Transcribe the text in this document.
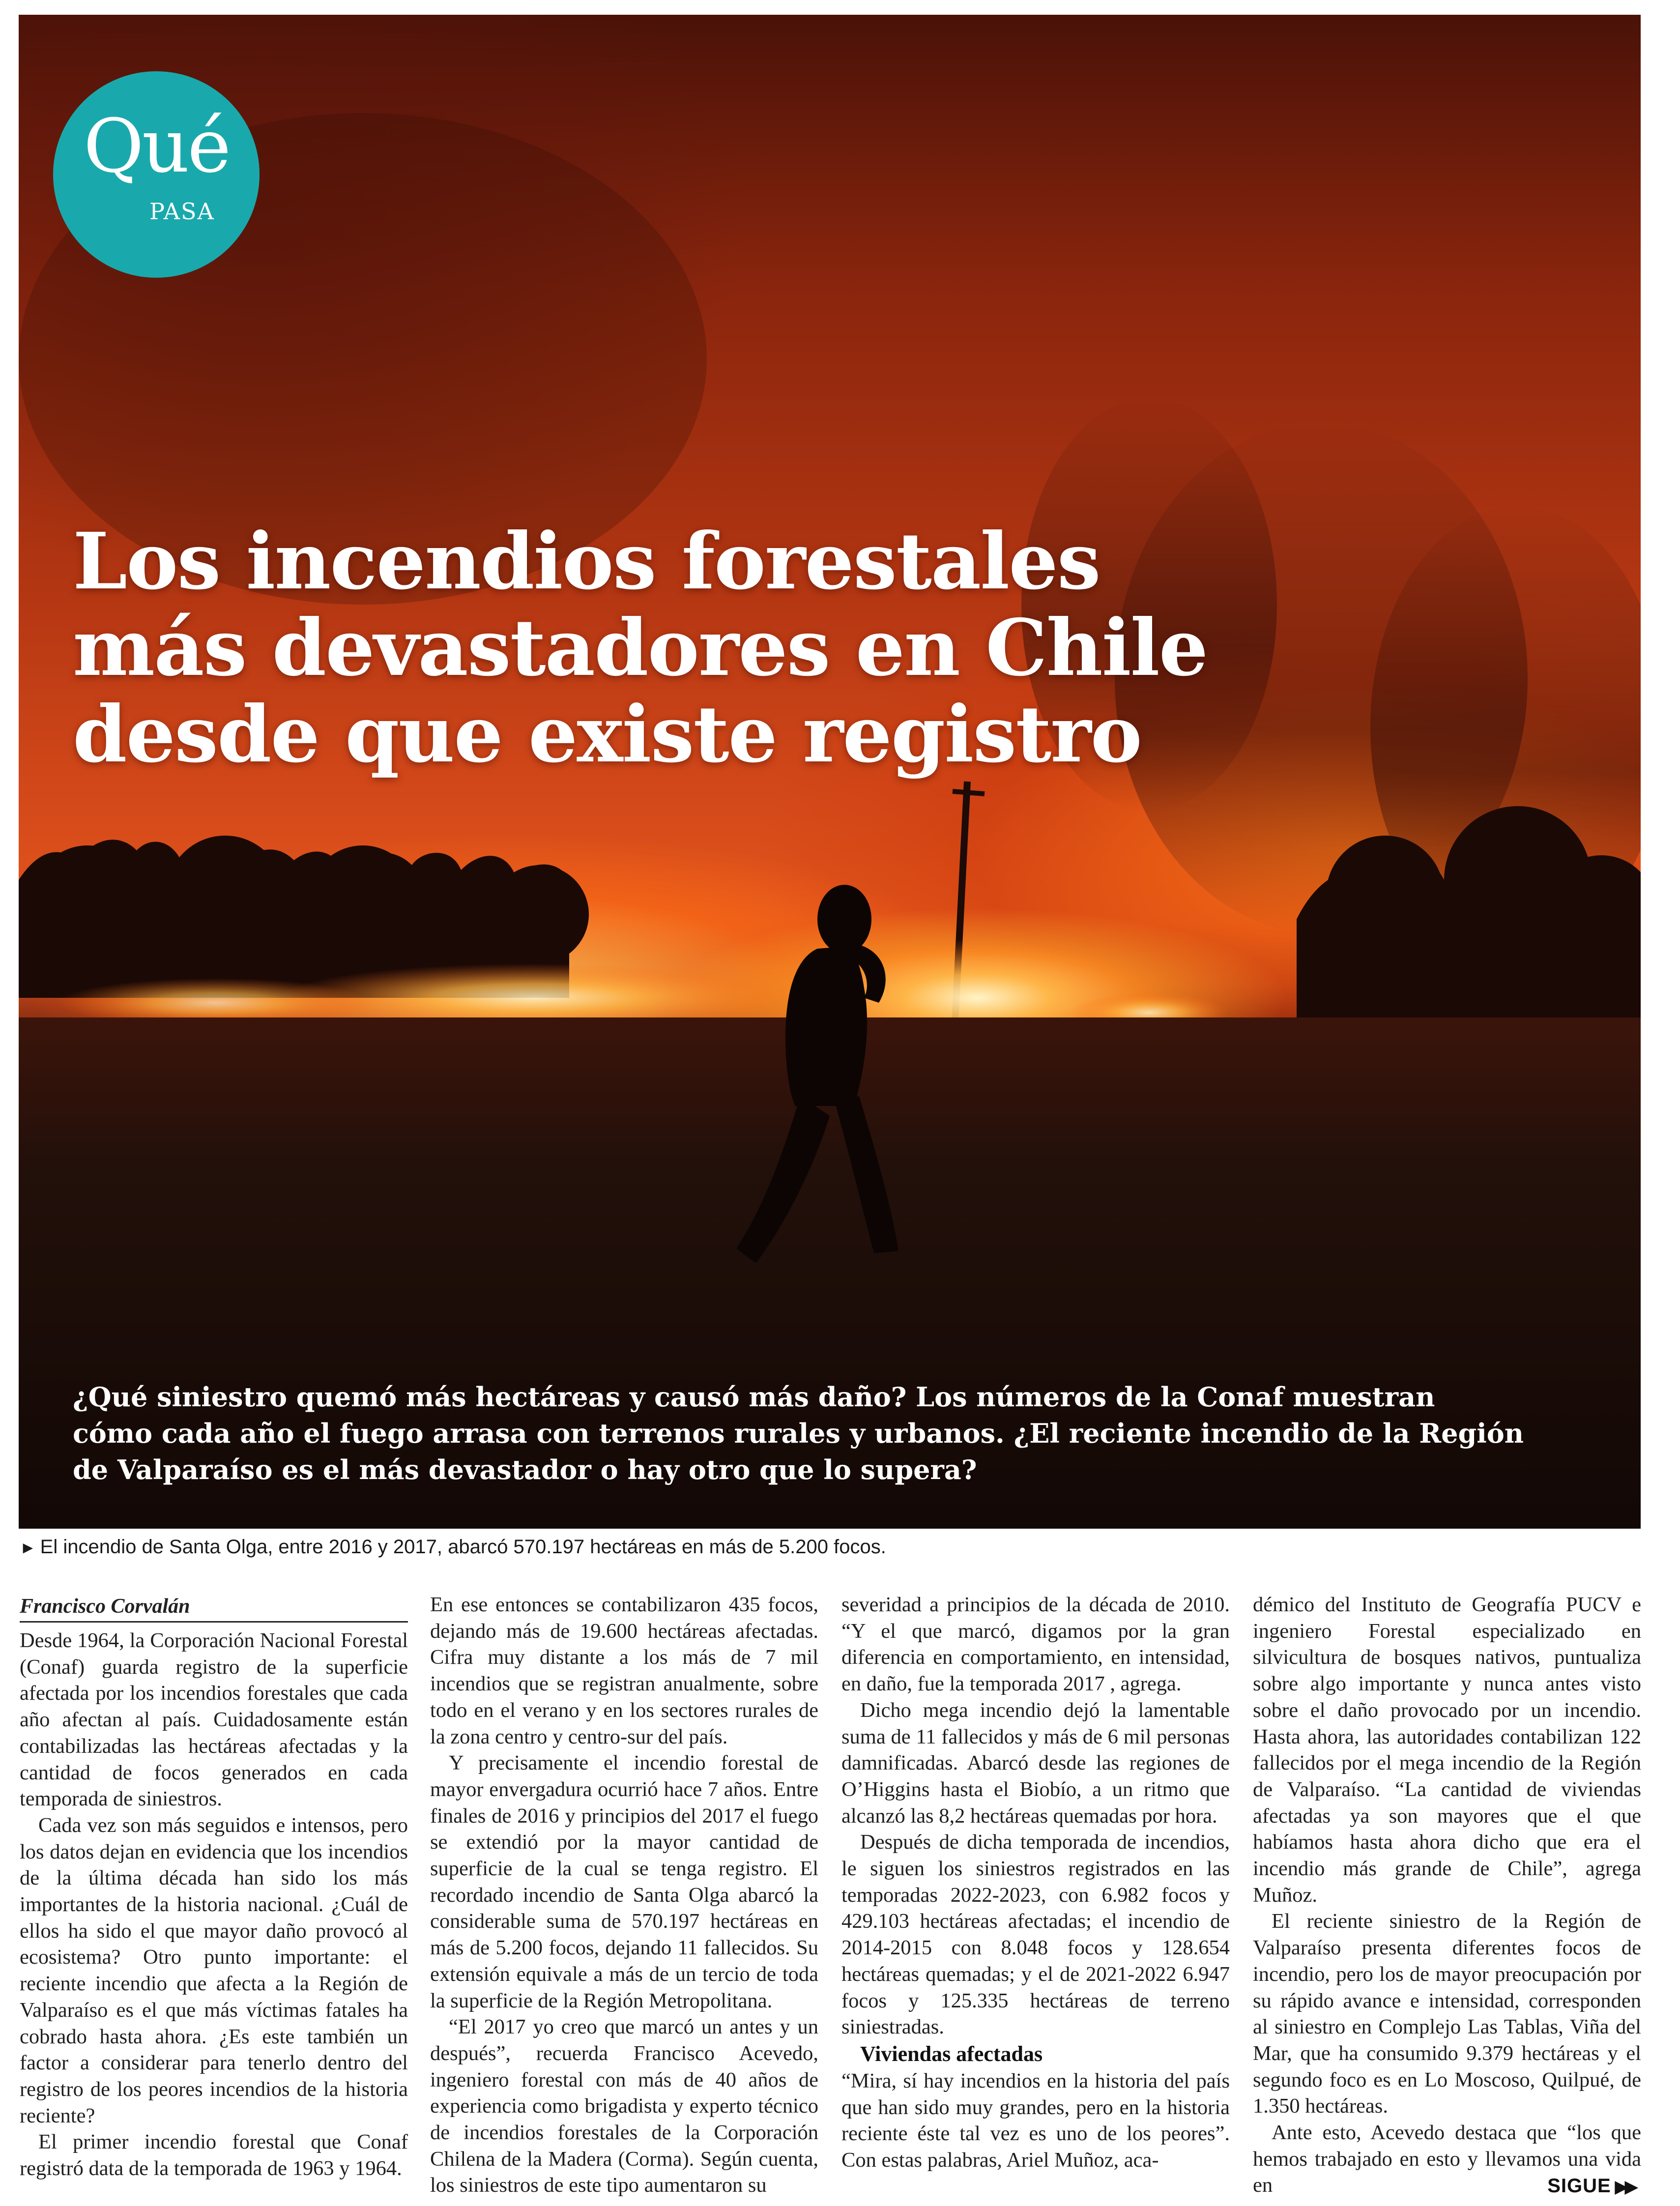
Qué
PASA
Los incendios forestales
más devastadores en Chile
desde que existe registro

¿Qué siniestro quemó más hectáreas y causó más daño? Los números de la Conaf muestran
cómo cada año el fuego arrasa con terrenos rurales y urbanos. ¿El reciente incendio de la Región
de Valparaíso es el más devastador o hay otro que lo supera?

► El incendio de Santa Olga, entre 2016 y 2017, abarcó 570.197 hectáreas en más de 5.200 focos.
Francisco Corvalán

Desde 1964, la Corporación Nacional Forestal (Conaf) guarda registro de la superficie afectada por los incendios forestales que cada año afectan al país. Cuidadosamente están contabilizadas las hectáreas afectadas y la cantidad de focos generados en cada temporada de siniestros.

Cada vez son más seguidos e intensos, pero los datos dejan en evidencia que los incendios de la última década han sido los más importantes de la historia nacional. ¿Cuál de ellos ha sido el que mayor daño provocó al ecosistema? Otro punto importante: el reciente incendio que afecta a la Región de Valparaíso es el que más víctimas fatales ha cobrado hasta ahora. ¿Es este también un factor a considerar para tenerlo dentro del registro de los peores incendios de la historia reciente?

El primer incendio forestal que Conaf registró data de la temporada de 1963 y 1964.

En ese entonces se contabilizaron 435 focos, dejando más de 19.600 hectáreas afectadas. Cifra muy distante a los más de 7 mil incendios que se registran anualmente, sobre todo en el verano y en los sectores rurales de la zona centro y centro-sur del país.

Y precisamente el incendio forestal de mayor envergadura ocurrió hace 7 años. Entre finales de 2016 y principios del 2017 el fuego se extendió por la mayor cantidad de superficie de la cual se tenga registro. El recordado incendio de Santa Olga abarcó la considerable suma de 570.197 hectáreas en más de 5.200 focos, dejando 11 fallecidos. Su extensión equivale a más de un tercio de toda la superficie de la Región Metropolitana.

“El 2017 yo creo que marcó un antes y un después”, recuerda Francisco Acevedo, ingeniero forestal con más de 40 años de experiencia como brigadista y experto técnico de incendios forestales de la Corporación Chilena de la Madera (Corma). Según cuenta, los siniestros de este tipo aumentaron su

severidad a principios de la década de 2010. “Y el que marcó, digamos por la gran diferencia en comportamiento, en intensidad, en daño, fue la temporada 2017 , agrega.

Dicho mega incendio dejó la lamentable suma de 11 fallecidos y más de 6 mil personas damnificadas. Abarcó desde las regiones de O’Higgins hasta el Biobío, a un ritmo que alcanzó las 8,2 hectáreas quemadas por hora.

Después de dicha temporada de incendios, le siguen los siniestros registrados en las temporadas 2022-2023, con 6.982 focos y 429.103 hectáreas afectadas; el incendio de 2014-2015 con 8.048 focos y 128.654 hectáreas quemadas; y el de 2021-2022 6.947 focos y 125.335 hectáreas de terreno siniestradas.

Viviendas afectadas

“Mira, sí hay incendios en la historia del país que han sido muy grandes, pero en la historia reciente éste tal vez es uno de los peores”. Con estas palabras, Ariel Muñoz, aca-

démico del Instituto de Geografía PUCV e ingeniero Forestal especializado en silvicultura de bosques nativos, puntualiza sobre algo importante y nunca antes visto sobre el daño provocado por un incendio. Hasta ahora, las autoridades contabilizan 122 fallecidos por el mega incendio de la Región de Valparaíso. “La cantidad de viviendas afectadas ya son mayores que el que habíamos hasta ahora dicho que era el incendio más grande de Chile”, agrega Muñoz.

El reciente siniestro de la Región de Valparaíso presenta diferentes focos de incendio, pero los de mayor preocupación por su rápido avance e intensidad, corresponden al siniestro en Complejo Las Tablas, Viña del Mar, que ha consumido 9.379 hectáreas y el segundo foco es en Lo Moscoso, Quilpué, de 1.350 hectáreas.

Ante esto, Acevedo destaca que “los que hemos trabajado en esto y llevamos una vida en	SIGUE ▶▶
